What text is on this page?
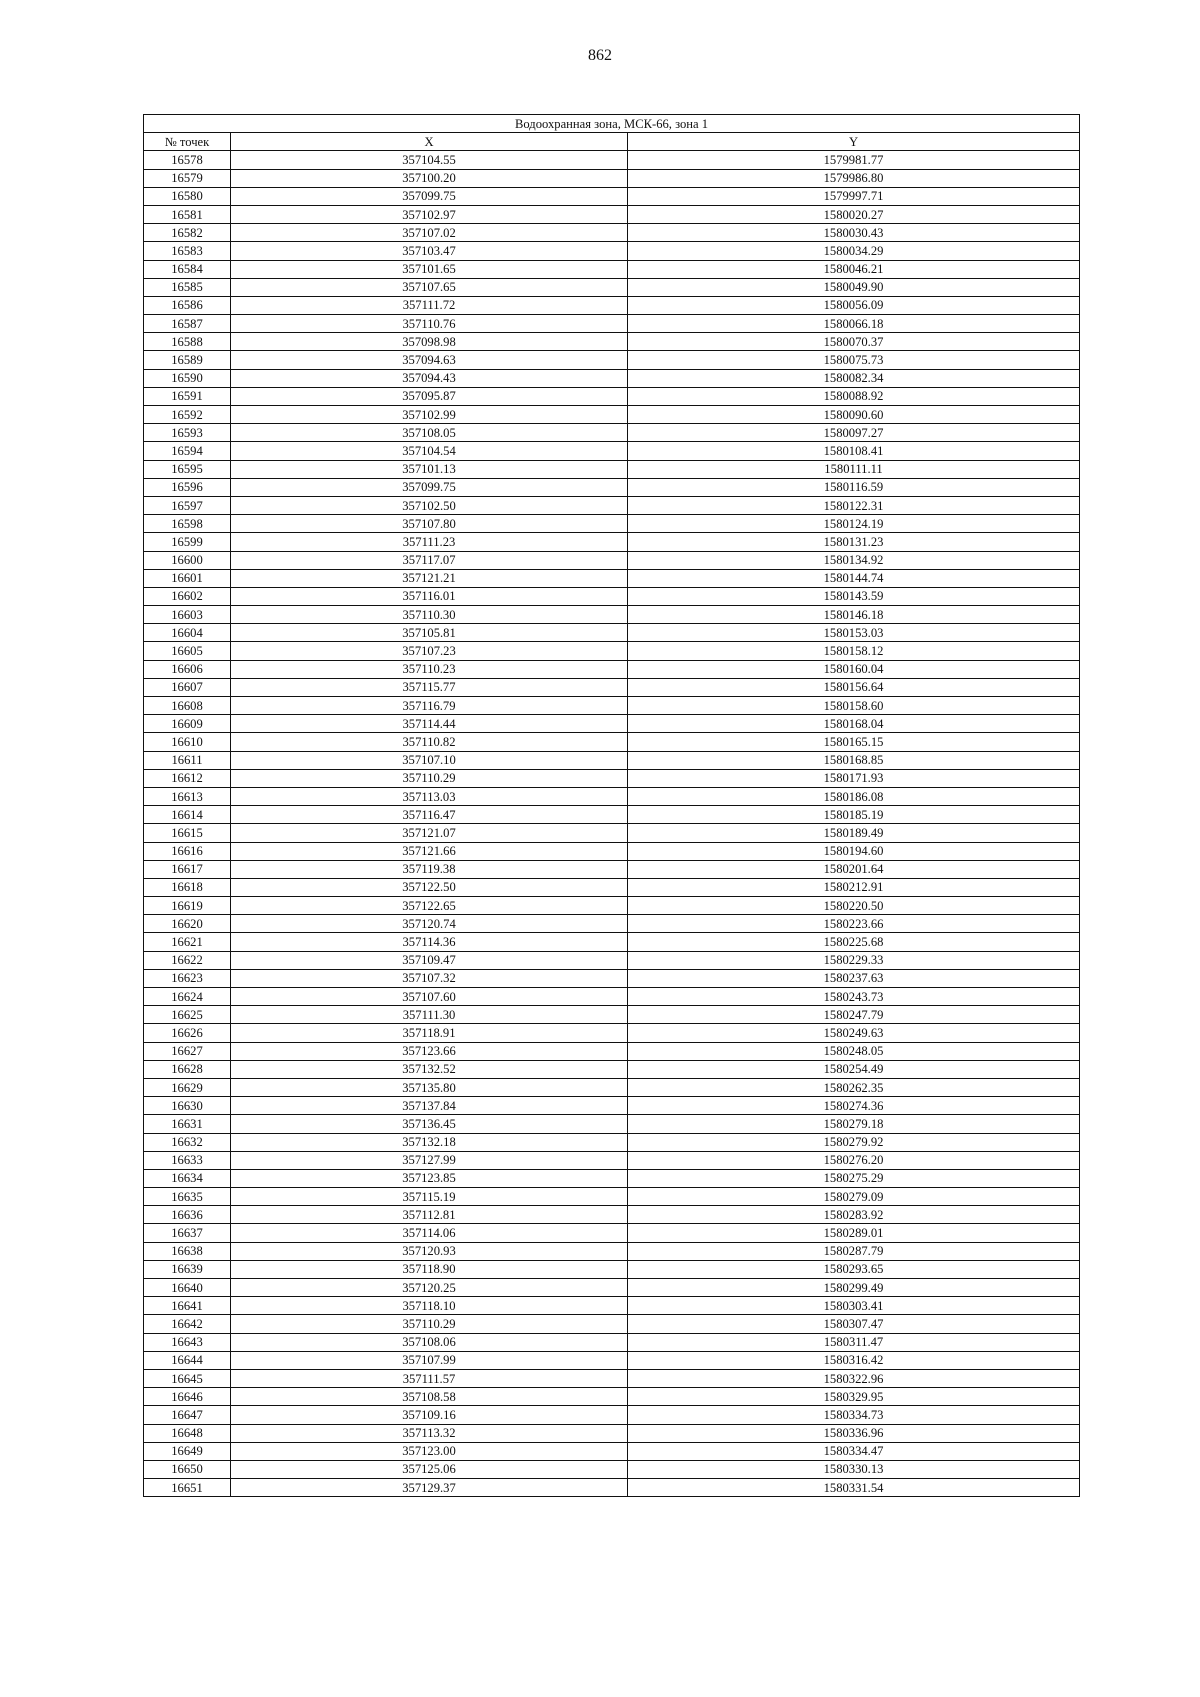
862
Водоохранная зона, МСК-66, зона 1		
№ точек	X	Y
16578	357104.55	1579981.77
16579	357100.20	1579986.80
16580	357099.75	1579997.71
16581	357102.97	1580020.27
16582	357107.02	1580030.43
16583	357103.47	1580034.29
16584	357101.65	1580046.21
16585	357107.65	1580049.90
16586	357111.72	1580056.09
16587	357110.76	1580066.18
16588	357098.98	1580070.37
16589	357094.63	1580075.73
16590	357094.43	1580082.34
16591	357095.87	1580088.92
16592	357102.99	1580090.60
16593	357108.05	1580097.27
16594	357104.54	1580108.41
16595	357101.13	1580111.11
16596	357099.75	1580116.59
16597	357102.50	1580122.31
16598	357107.80	1580124.19
16599	357111.23	1580131.23
16600	357117.07	1580134.92
16601	357121.21	1580144.74
16602	357116.01	1580143.59
16603	357110.30	1580146.18
16604	357105.81	1580153.03
16605	357107.23	1580158.12
16606	357110.23	1580160.04
16607	357115.77	1580156.64
16608	357116.79	1580158.60
16609	357114.44	1580168.04
16610	357110.82	1580165.15
16611	357107.10	1580168.85
16612	357110.29	1580171.93
16613	357113.03	1580186.08
16614	357116.47	1580185.19
16615	357121.07	1580189.49
16616	357121.66	1580194.60
16617	357119.38	1580201.64
16618	357122.50	1580212.91
16619	357122.65	1580220.50
16620	357120.74	1580223.66
16621	357114.36	1580225.68
16622	357109.47	1580229.33
16623	357107.32	1580237.63
16624	357107.60	1580243.73
16625	357111.30	1580247.79
16626	357118.91	1580249.63
16627	357123.66	1580248.05
16628	357132.52	1580254.49
16629	357135.80	1580262.35
16630	357137.84	1580274.36
16631	357136.45	1580279.18
16632	357132.18	1580279.92
16633	357127.99	1580276.20
16634	357123.85	1580275.29
16635	357115.19	1580279.09
16636	357112.81	1580283.92
16637	357114.06	1580289.01
16638	357120.93	1580287.79
16639	357118.90	1580293.65
16640	357120.25	1580299.49
16641	357118.10	1580303.41
16642	357110.29	1580307.47
16643	357108.06	1580311.47
16644	357107.99	1580316.42
16645	357111.57	1580322.96
16646	357108.58	1580329.95
16647	357109.16	1580334.73
16648	357113.32	1580336.96
16649	357123.00	1580334.47
16650	357125.06	1580330.13
16651	357129.37	1580331.54
